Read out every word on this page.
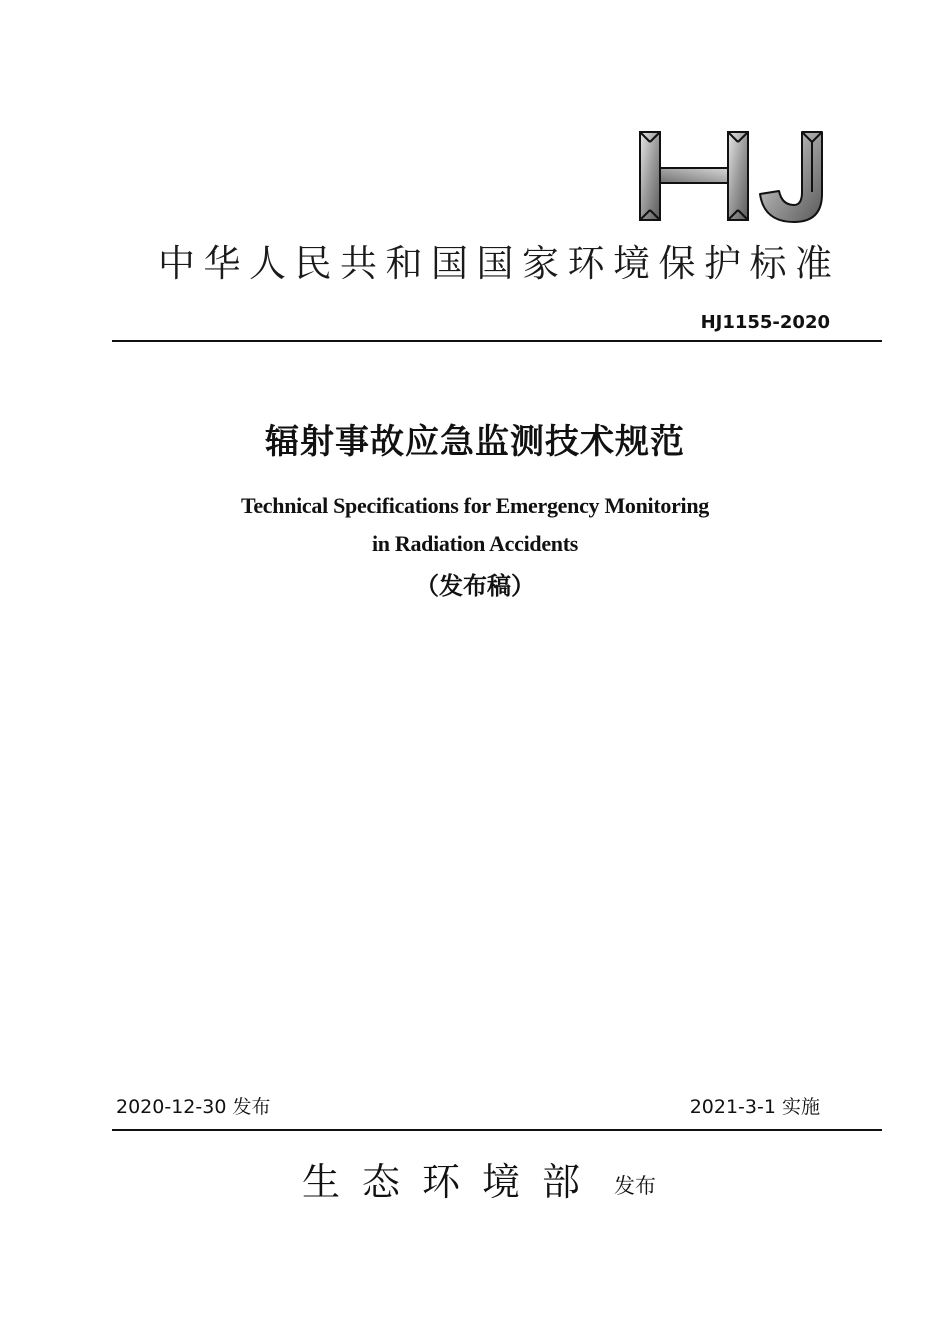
中华人民共和国国家环境保护标准
HJ1155-2020
辐射事故应急监测技术规范
Technical Specifications for Emergency Monitoring
in Radiation Accidents
（发布稿）
2020-12-30 发布	2021-3-1 实施
生态环境部 发布
